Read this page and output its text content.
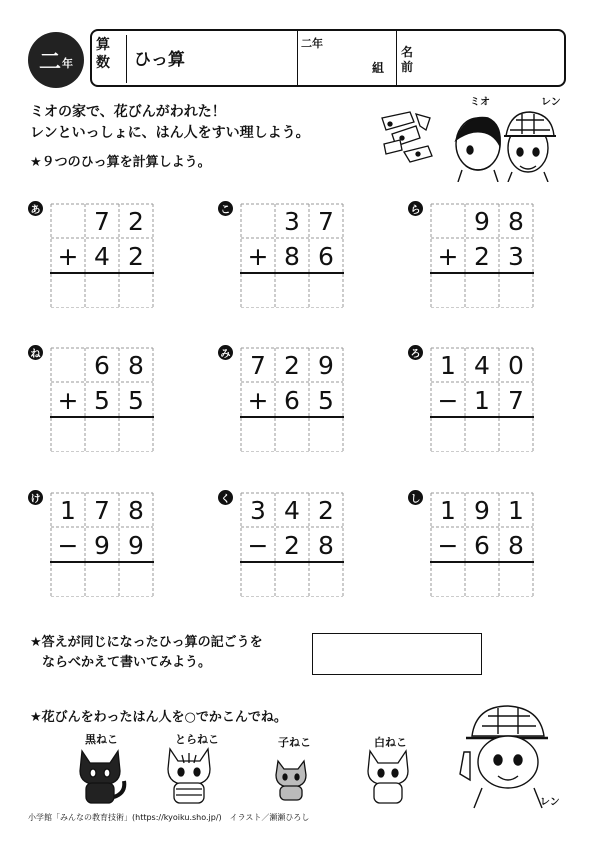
二 年
算数	ひっ算
二年
組
名前
ミオの家で、花びんがわれた！
レンといっしょに、はん人をすい理しよう。
★９つのひっ算を計算しよう。
ミオ	レン
あ	7 2
+ 4 2
こ	3 7
+ 8 6
ら	9 8
+ 2 3
ね	6 8
+ 5 5
み 7 2 9
+ 6 5
ろ 1 4 0
− 1 7
け 1 7 8
− 9 9
く 3 4 2
− 2 8
し 1 9 1
− 6 8
★答えが同じになったひっ算の記ごうを
ならべかえて書いてみよう。
★花びんをわったはん人を○でかこんでね。
黒ねこ	とらねこ	子ねこ	白ねこ
レン
小学館「みんなの教育技術」(https://kyoiku.sho.jp/)　イラスト／瀬瀬ひろし
